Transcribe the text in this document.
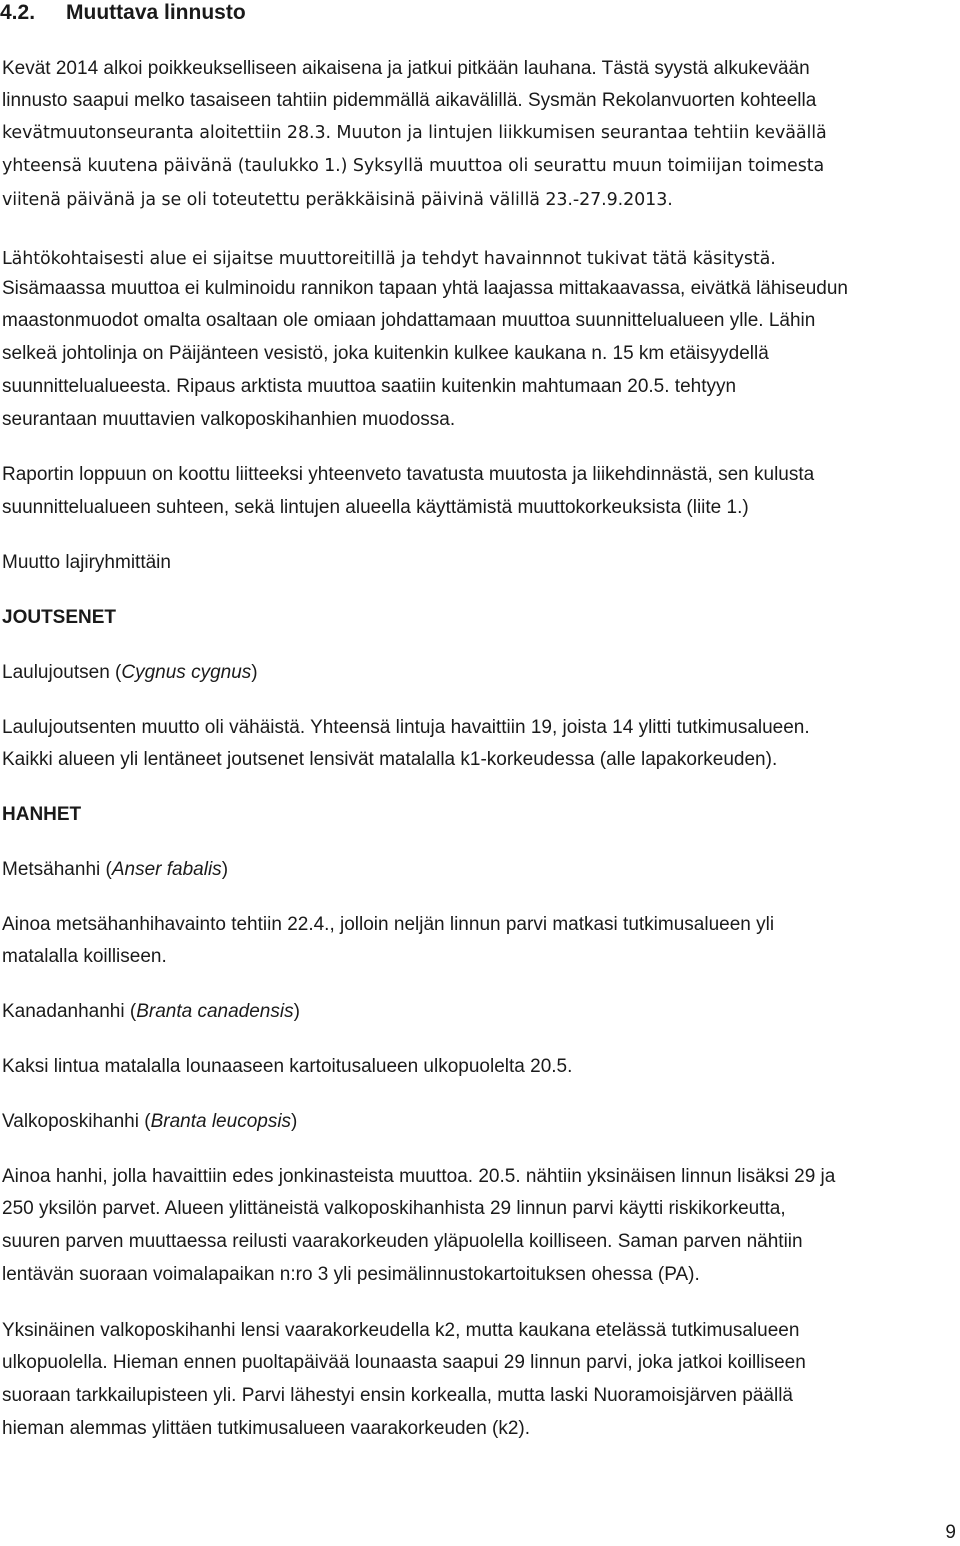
4.2. Muuttava linnusto
Kevät 2014 alkoi poikkeukselliseen aikaisena ja jatkui pitkään lauhana. Tästä syystä alkukevään
linnusto saapui melko tasaiseen tahtiin pidemmällä aikavälillä. Sysmän Rekolanvuorten kohteella
kevätmuutonseuranta aloitettiin 28.3. Muuton ja lintujen liikkumisen seurantaa tehtiin keväällä
yhteensä kuutena päivänä (taulukko 1.) Syksyllä muuttoa oli seurattu muun toimiijan toimesta
viitenä päivänä ja se oli toteutettu peräkkäisinä päivinä välillä 23.-27.9.2013.
Lähtökohtaisesti alue ei sijaitse muuttoreitillä ja tehdyt havainnnot tukivat tätä käsitystä.
Sisämaassa muuttoa ei kulminoidu rannikon tapaan yhtä laajassa mittakaavassa, eivätkä lähiseudun
maastonmuodot omalta osaltaan ole omiaan johdattamaan muuttoa suunnittelualueen ylle. Lähin
selkeä johtolinja on Päijänteen vesistö, joka kuitenkin kulkee kaukana n. 15 km etäisyydellä
suunnittelualueesta. Ripaus arktista muuttoa saatiin kuitenkin mahtumaan 20.5. tehtyyn
seurantaan muuttavien valkoposkihanhien muodossa.
Raportin loppuun on koottu liitteeksi yhteenveto tavatusta muutosta ja liikehdinnästä, sen kulusta
suunnittelualueen suhteen, sekä lintujen alueella käyttämistä muuttokorkeuksista (liite 1.)
Muutto lajiryhmittäin
JOUTSENET
Laulujoutsen (Cygnus cygnus)
Laulujoutsenten muutto oli vähäistä. Yhteensä lintuja havaittiin 19, joista 14 ylitti tutkimusalueen.
Kaikki alueen yli lentäneet joutsenet lensivät matalalla k1-korkeudessa (alle lapakorkeuden).
HANHET
Metsähanhi (Anser fabalis)
Ainoa metsähanhihavainto tehtiin 22.4., jolloin neljän linnun parvi matkasi tutkimusalueen yli
matalalla koilliseen.
Kanadanhanhi (Branta canadensis)
Kaksi lintua matalalla lounaaseen kartoitusalueen ulkopuolelta 20.5.
Valkoposkihanhi (Branta leucopsis)
Ainoa hanhi, jolla havaittiin edes jonkinasteista muuttoa. 20.5. nähtiin yksinäisen linnun lisäksi 29 ja
250 yksilön parvet. Alueen ylittäneistä valkoposkihanhista 29 linnun parvi käytti riskikorkeutta,
suuren parven muuttaessa reilusti vaarakorkeuden yläpuolella koilliseen. Saman parven nähtiin
lentävän suoraan voimalapaikan n:ro 3 yli pesimälinnustokartoituksen ohessa (PA).
Yksinäinen valkoposkihanhi lensi vaarakorkeudella k2, mutta kaukana etelässä tutkimusalueen
ulkopuolella. Hieman ennen puoltapäivää lounaasta saapui 29 linnun parvi, joka jatkoi koilliseen
suoraan tarkkailupisteen yli. Parvi lähestyi ensin korkealla, mutta laski Nuoramoisjärven päällä
hieman alemmas ylittäen tutkimusalueen vaarakorkeuden (k2).
9
